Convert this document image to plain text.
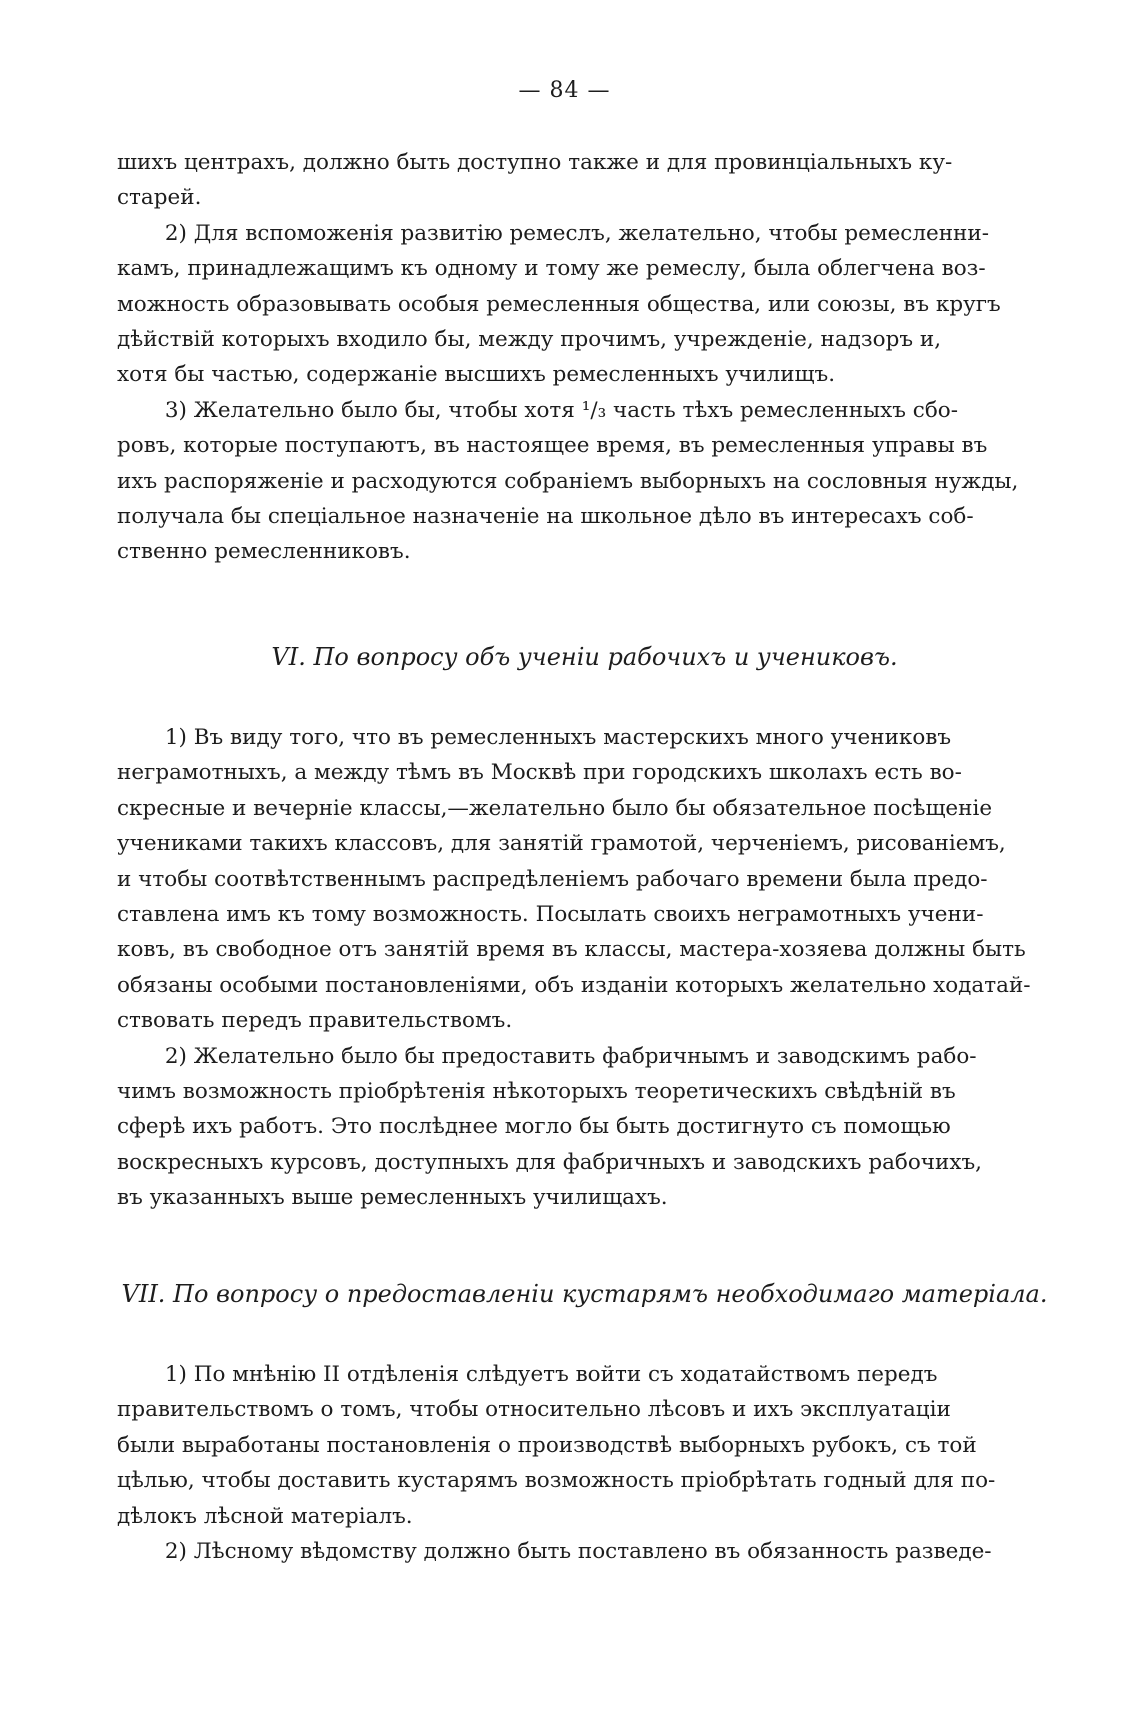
— 84 —
шихъ центрахъ, должно быть доступно также и для провинціальныхъ ку-
старей.
2) Для вспоможенія развитію ремеслъ, желательно, чтобы ремесленни-
камъ, принадлежащимъ къ одному и тому же ремеслу, была облегчена воз-
можность образовывать особыя ремесленныя общества, или союзы, въ кругъ
дѣйствій которыхъ входило бы, между прочимъ, учрежденіе, надзоръ и,
хотя бы частью, содержаніе высшихъ ремесленныхъ училищъ.
3) Желательно было бы, чтобы хотя ¹/₃ часть тѣхъ ремесленныхъ сбо-
ровъ, которые поступаютъ, въ настоящее время, въ ремесленныя управы въ
ихъ распоряженіе и расходуются собраніемъ выборныхъ на сословныя нужды,
получала бы спеціальное назначеніе на школьное дѣло въ интересахъ соб-
ственно ремесленниковъ.
VI. По вопросу объ ученіи рабочихъ и учениковъ.
1) Въ виду того, что въ ремесленныхъ мастерскихъ много учениковъ
неграмотныхъ, а между тѣмъ въ Москвѣ при городскихъ школахъ есть во-
скресные и вечерніе классы,—желательно было бы обязательное посѣщеніе
учениками такихъ классовъ, для занятій грамотой, черченіемъ, рисованіемъ,
и чтобы соотвѣтственнымъ распредѣленіемъ рабочаго времени была предо-
ставлена имъ къ тому возможность. Посылать своихъ неграмотныхъ учени-
ковъ, въ свободное отъ занятій время въ классы, мастера-хозяева должны быть
обязаны особыми постановленіями, объ изданіи которыхъ желательно ходатай-
ствовать передъ правительствомъ.
2) Желательно было бы предоставить фабричнымъ и заводскимъ рабо-
чимъ возможность пріобрѣтенія нѣкоторыхъ теоретическихъ свѣдѣній въ
сферѣ ихъ работъ. Это послѣднее могло бы быть достигнуто съ помощью
воскресныхъ курсовъ, доступныхъ для фабричныхъ и заводскихъ рабочихъ,
въ указанныхъ выше ремесленныхъ училищахъ.
VII. По вопросу о предоставленіи кустарямъ необходимаго матеріала.
1) По мнѣнію II отдѣленія слѣдуетъ войти съ ходатайствомъ передъ
правительствомъ о томъ, чтобы относительно лѣсовъ и ихъ эксплуатаціи
были выработаны постановленія о производствѣ выборныхъ рубокъ, съ той
цѣлью, чтобы доставить кустарямъ возможность пріобрѣтать годный для по-
дѣлокъ лѣсной матеріалъ.
2) Лѣсному вѣдомству должно быть поставлено въ обязанность разведе-
